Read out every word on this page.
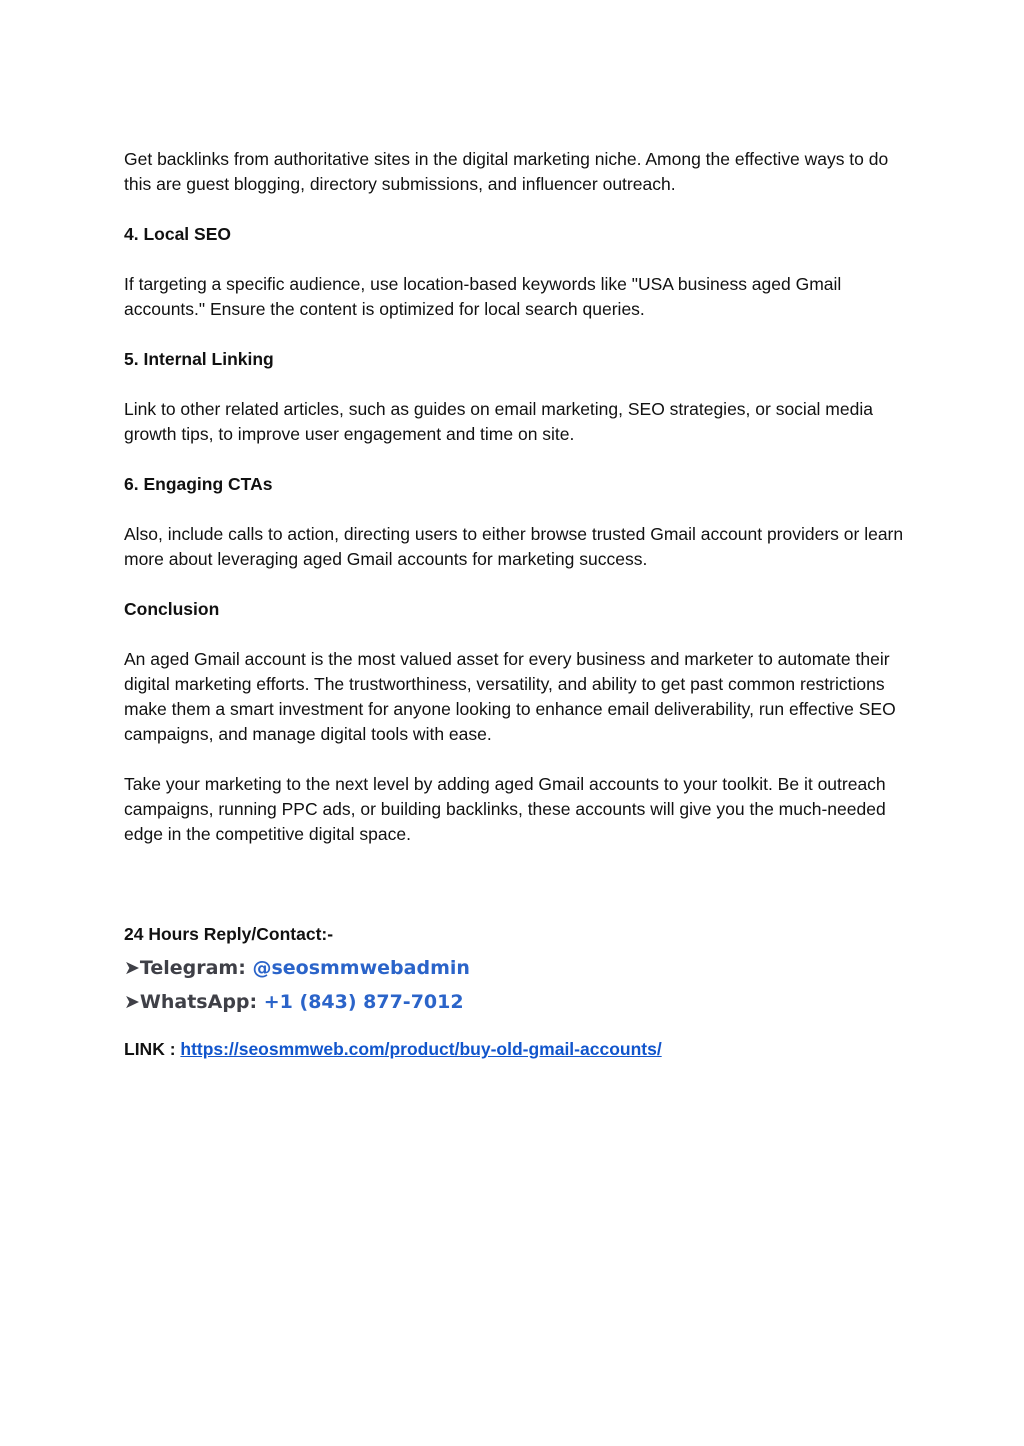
Get backlinks from authoritative sites in the digital marketing niche. Among the effective ways to do this are guest blogging, directory submissions, and influencer outreach.

4. Local SEO

If targeting a specific audience, use location-based keywords like "USA business aged Gmail accounts." Ensure the content is optimized for local search queries.

5. Internal Linking

Link to other related articles, such as guides on email marketing, SEO strategies, or social media growth tips, to improve user engagement and time on site.

6. Engaging CTAs

Also, include calls to action, directing users to either browse trusted Gmail account providers or learn more about leveraging aged Gmail accounts for marketing success.

Conclusion

An aged Gmail account is the most valued asset for every business and marketer to automate their digital marketing efforts. The trustworthiness, versatility, and ability to get past common restrictions make them a smart investment for anyone looking to enhance email deliverability, run effective SEO campaigns, and manage digital tools with ease.

Take your marketing to the next level by adding aged Gmail accounts to your toolkit. Be it outreach campaigns, running PPC ads, or building backlinks, these accounts will give you the much-needed edge in the competitive digital space.

24 Hours Reply/Contact:-
➤Telegram: @seosmmwebadmin
➤WhatsApp: +1 (843) 877-7012
LINK : https://seosmmweb.com/product/buy-old-gmail-accounts/
